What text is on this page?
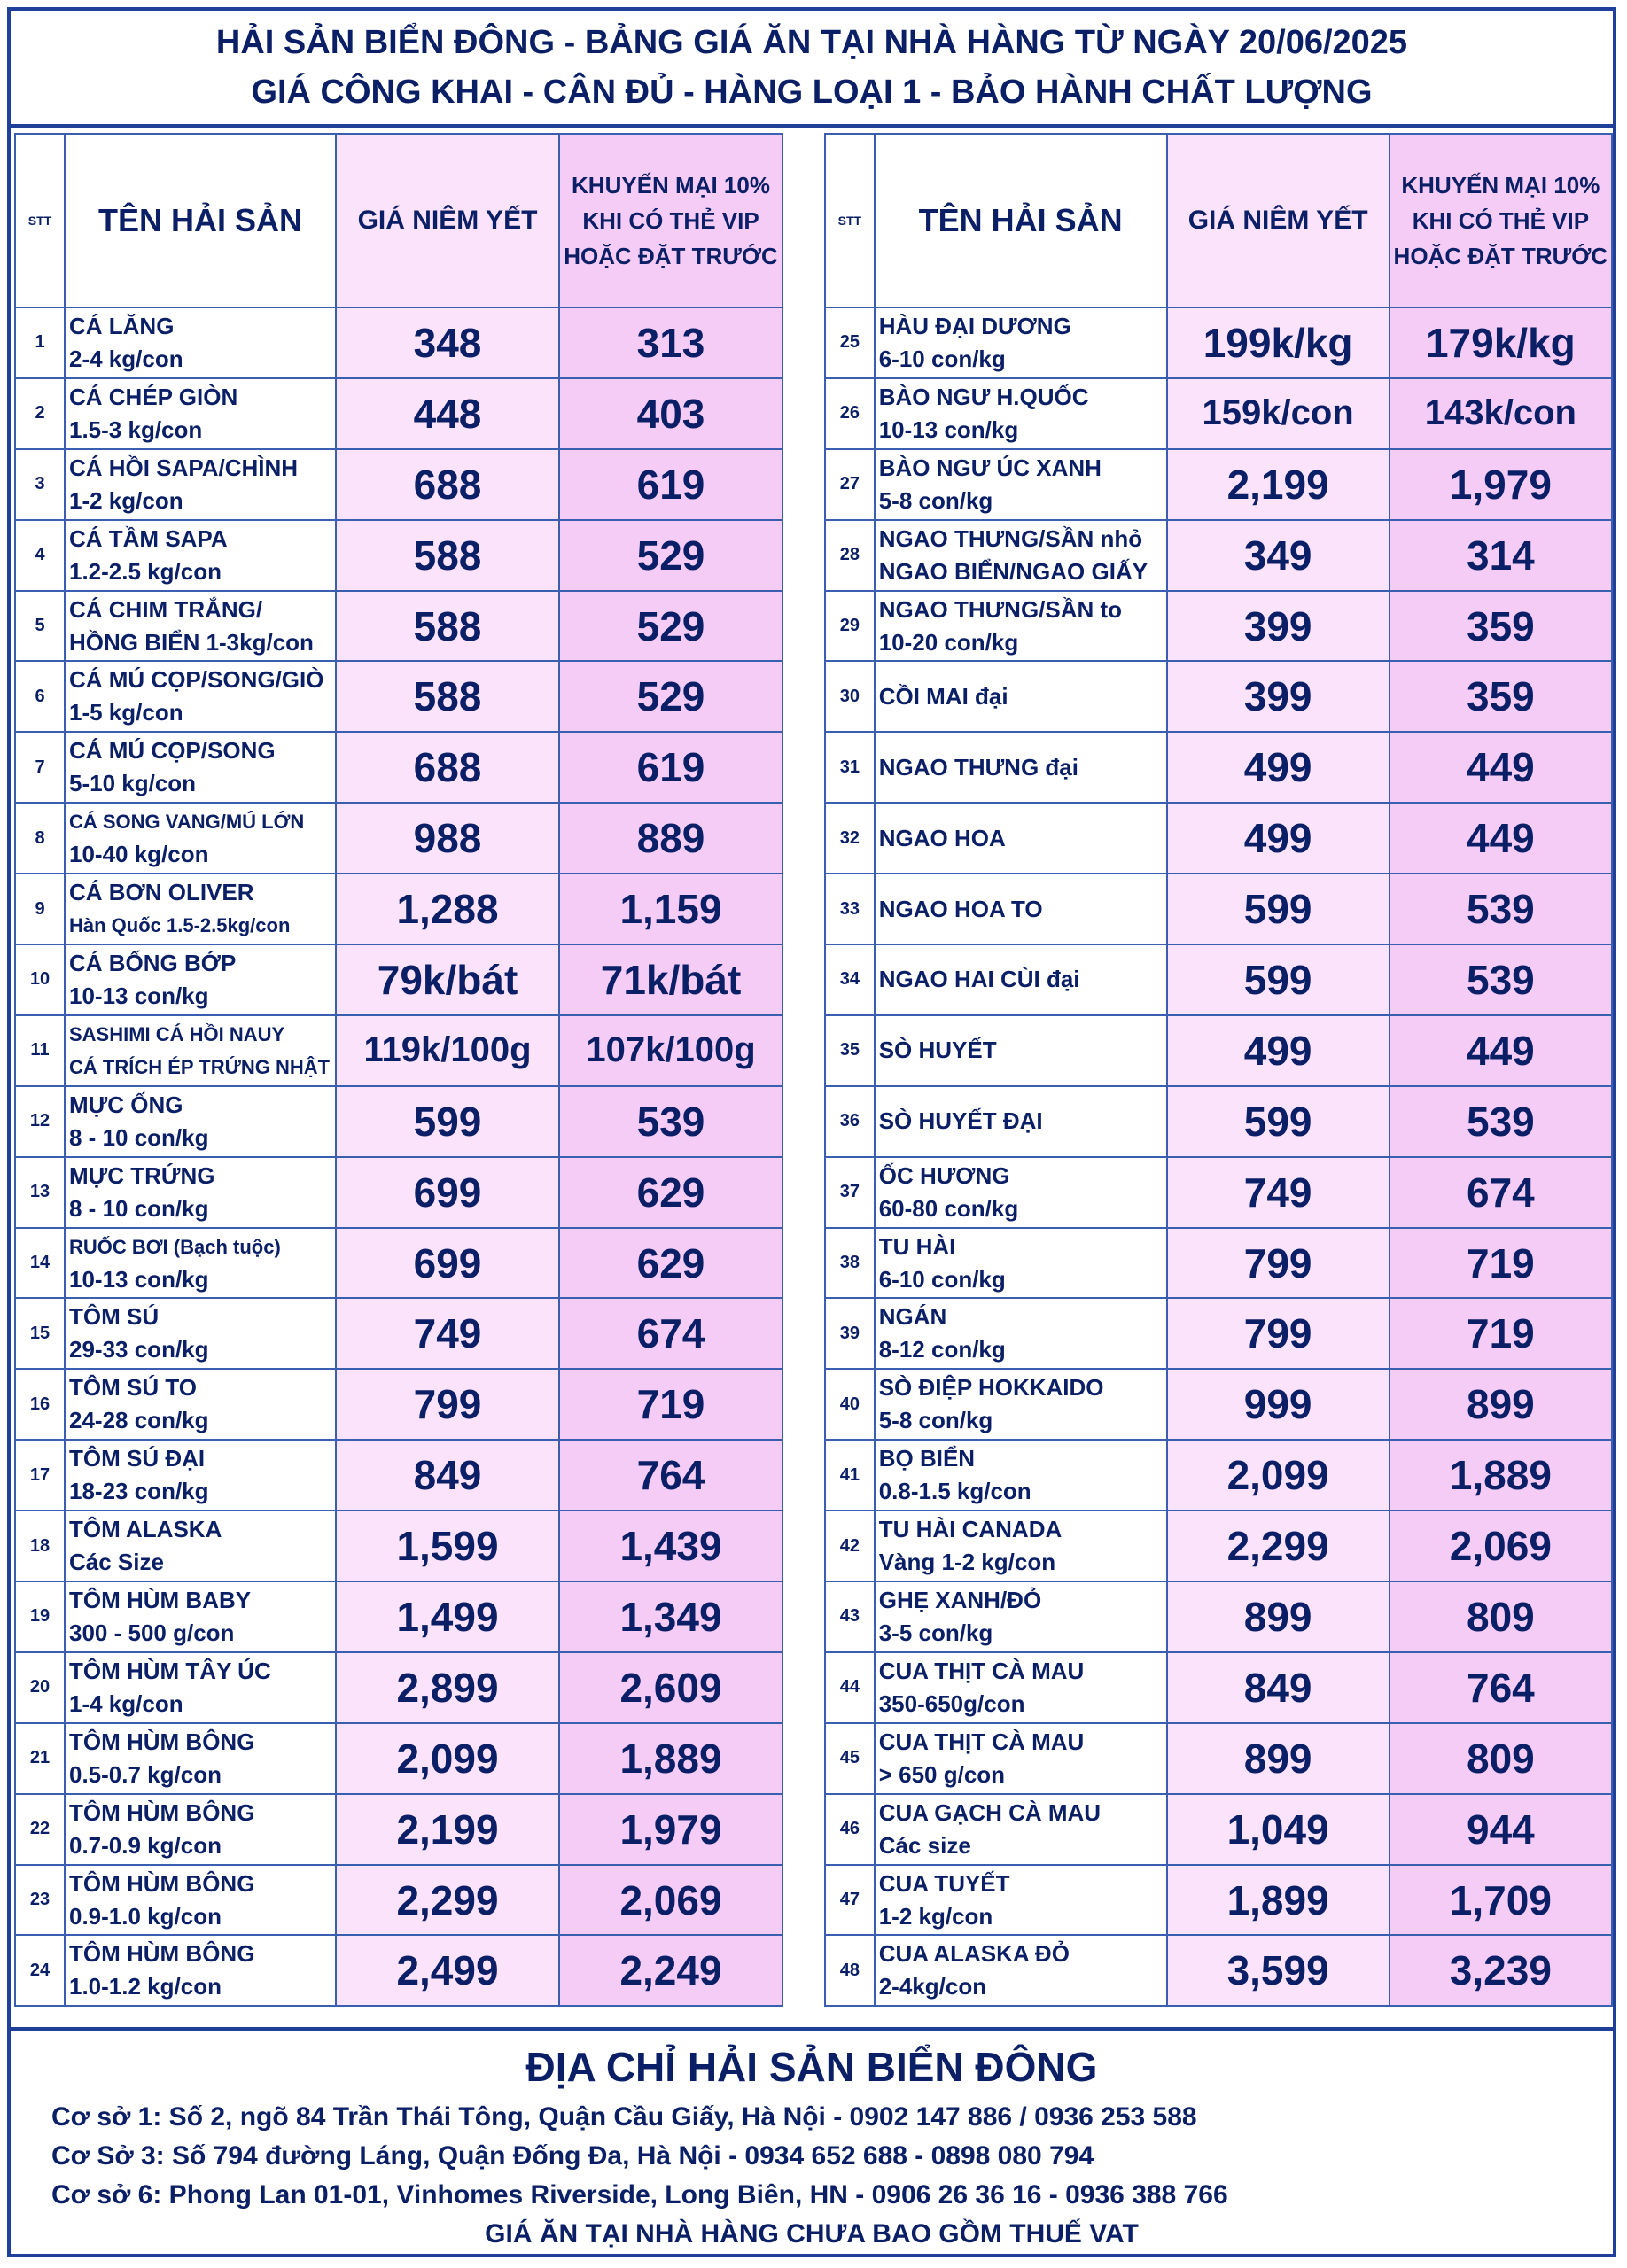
HẢI SẢN BIỂN ĐÔNG - BẢNG GIÁ ĂN TẠI NHÀ HÀNG TỪ NGÀY 20/06/2025
GIÁ CÔNG KHAI - CÂN ĐỦ - HÀNG LOẠI 1 - BẢO HÀNH CHẤT LƯỢNG
STT	TÊN HẢI SẢN	GIÁ NIÊM YẾT	KHUYẾN MẠI 10%
KHI CÓ THẺ VIP
HOẶC ĐẶT TRƯỚC

1	CÁ LĂNG
2-4 kg/con	348	313
2	CÁ CHÉP GIÒN
1.5-3 kg/con	448	403
3	CÁ HỒI SAPA/CHÌNH
1-2 kg/con	688	619
4	CÁ TẦM SAPA
1.2-2.5 kg/con	588	529
5	CÁ CHIM TRẮNG/
HỒNG BIỂN 1-3kg/con	588	529
6	CÁ MÚ CỌP/SONG/GIÒ
1-5 kg/con	588	529
7	CÁ MÚ CỌP/SONG
5-10 kg/con	688	619
8	CÁ SONG VANG/MÚ LỚN
10-40 kg/con	988	889
9	CÁ BƠN OLIVER
Hàn Quốc 1.5-2.5kg/con	1,288	1,159
10	CÁ BỐNG BỚP
10-13 con/kg	79k/bát	71k/bát
11	SASHIMI CÁ HỒI NAUY
CÁ TRÍCH ÉP TRỨNG NHẬT	119k/100g	107k/100g
12	MỰC ỐNG
8 - 10 con/kg	599	539
13	MỰC TRỨNG
8 - 10 con/kg	699	629
14	RUỐC BƠI (Bạch tuộc)
10-13 con/kg	699	629
15	TÔM SÚ
29-33 con/kg	749	674
16	TÔM SÚ TO
24-28 con/kg	799	719
17	TÔM SÚ ĐẠI
18-23 con/kg	849	764
18	TÔM ALASKA
Các Size	1,599	1,439
19	TÔM HÙM BABY
300 - 500 g/con	1,499	1,349
20	TÔM HÙM TÂY ÚC
1-4 kg/con	2,899	2,609
21	TÔM HÙM BÔNG
0.5-0.7 kg/con	2,099	1,889
22	TÔM HÙM BÔNG
0.7-0.9 kg/con	2,199	1,979
23	TÔM HÙM BÔNG
0.9-1.0 kg/con	2,299	2,069
24	TÔM HÙM BÔNG
1.0-1.2 kg/con	2,499	2,249
STT	TÊN HẢI SẢN	GIÁ NIÊM YẾT	KHUYẾN MẠI 10%
KHI CÓ THẺ VIP
HOẶC ĐẶT TRƯỚC

25	HÀU ĐẠI DƯƠNG
6-10 con/kg	199k/kg	179k/kg
26	BÀO NGƯ H.QUỐC
10-13 con/kg	159k/con	143k/con
27	BÀO NGƯ ÚC XANH
5-8 con/kg	2,199	1,979
28	NGAO THƯNG/SẦN nhỏ
NGAO BIỂN/NGAO GIẤY	349	314
29	NGAO THƯNG/SẦN to
10-20 con/kg	399	359
30	CỒI MAI đại	399	359
31	NGAO THƯNG đại	499	449
32	NGAO HOA	499	449
33	NGAO HOA TO	599	539
34	NGAO HAI CÙI đại	599	539
35	SÒ HUYẾT	499	449
36	SÒ HUYẾT ĐẠI	599	539
37	ỐC HƯƠNG
60-80 con/kg	749	674
38	TU HÀI
6-10 con/kg	799	719
39	NGÁN
8-12 con/kg	799	719
40	SÒ ĐIỆP HOKKAIDO
5-8 con/kg	999	899
41	BỌ BIỂN
0.8-1.5 kg/con	2,099	1,889
42	TU HÀI CANADA
Vàng 1-2 kg/con	2,299	2,069
43	GHẸ XANH/ĐỎ
3-5 con/kg	899	809
44	CUA THỊT CÀ MAU
350-650g/con	849	764
45	CUA THỊT CÀ MAU
> 650 g/con	899	809
46	CUA GẠCH CÀ MAU
Các size	1,049	944
47	CUA TUYẾT
1-2 kg/con	1,899	1,709
48	CUA ALASKA ĐỎ
2-4kg/con	3,599	3,239
ĐỊA CHỈ HẢI SẢN BIỂN ĐÔNG
Cơ sở 1: Số 2, ngõ 84 Trần Thái Tông, Quận Cầu Giấy, Hà Nội - 0902 147 886 / 0936 253 588
Cơ Sở 3: Số 794 đường Láng, Quận Đống Đa, Hà Nội - 0934 652 688 - 0898 080 794
Cơ sở 6: Phong Lan 01-01, Vinhomes Riverside, Long Biên, HN - 0906 26 36 16 - 0936 388 766
GIÁ ĂN TẠI NHÀ HÀNG CHƯA BAO GỒM THUẾ VAT
